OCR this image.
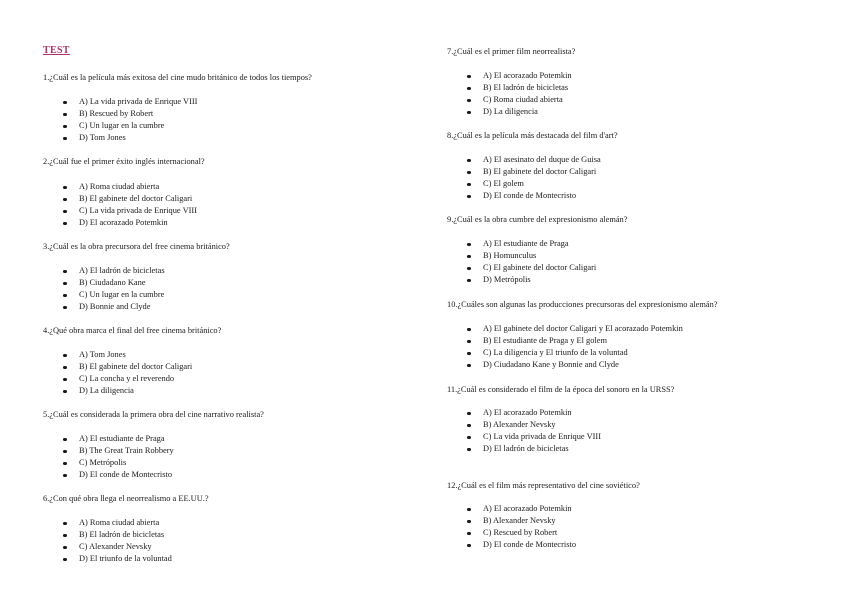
TEST

1.¿Cuál es la película más exitosa del cine mudo británico de todos los tiempos?

A) La vida privada de Enrique VIII
B) Rescued by Robert
C) Un lugar en la cumbre
D) Tom Jones

2.¿Cuál fue el primer éxito inglés internacional?

A) Roma ciudad abierta
B) El gabinete del doctor Caligari
C) La vida privada de Enrique VIII
D) El acorazado Potemkin

3.¿Cuál es la obra precursora del free cinema británico?

A) El ladrón de bicicletas
B) Ciudadano Kane
C) Un lugar en la cumbre
D) Bonnie and Clyde

4.¿Qué obra marca el final del free cinema británico?

A) Tom Jones
B) El gabinete del doctor Caligari
C) La concha y el reverendo
D) La diligencia

5.¿Cuál es considerada la primera obra del cine narrativo realista?

A) El estudiante de Praga
B) The Great Train Robbery
C) Metrópolis
D) El conde de Montecristo

6.¿Con qué obra llega el neorrealismo a EE.UU.?

A) Roma ciudad abierta
B) El ladrón de bicicletas
C) Alexander Nevsky
D) El triunfo de la voluntad

7.¿Cuál es el primer film neorrealista?

A) El acorazado Potemkin
B) El ladrón de bicicletas
C) Roma ciudad abierta
D) La diligencia

8.¿Cuál es la película más destacada del film d'art?

A) El asesinato del duque de Guisa
B) El gabinete del doctor Caligari
C) El golem
D) El conde de Montecristo

9.¿Cuál es la obra cumbre del expresionismo alemán?

A) El estudiante de Praga
B) Homunculus
C) El gabinete del doctor Caligari
D) Metrópolis

10.¿Cuáles son algunas las producciones precursoras del expresionismo alemán?

A) El gabinete del doctor Caligari y El acorazado Potemkin
B) El estudiante de Praga y El golem
C) La diligencia y El triunfo de la voluntad
D) Ciudadano Kane y Bonnie and Clyde

11.¿Cuál es considerado el film de la época del sonoro en la URSS?

A) El acorazado Potemkin
B) Alexander Nevsky
C) La vida privada de Enrique VIII
D) El ladrón de bicicletas

12.¿Cuál es el film más representativo del cine soviético?

A) El acorazado Potemkin
B) Alexander Nevsky
C) Rescued by Robert
D) El conde de Montecristo
